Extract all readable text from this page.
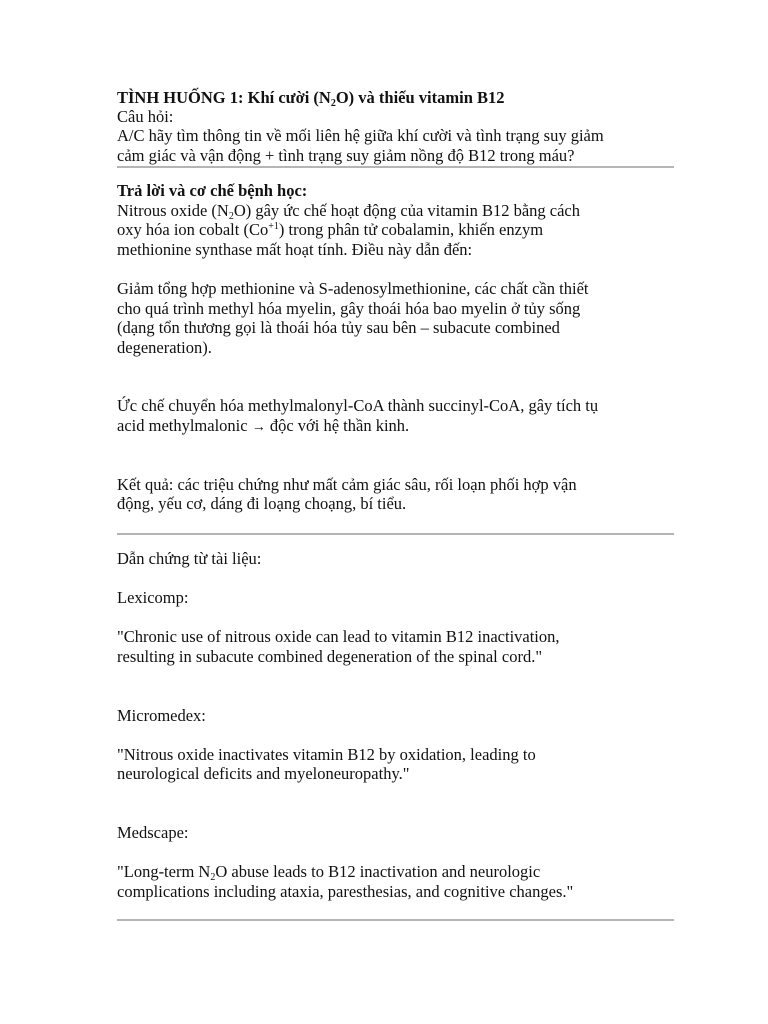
TÌNH HUỐNG 1: Khí cười $(N_2O)$ và thiếu vitamin B12
Câu hỏi:
A/C hãy tìm thông tin về mối liên hệ giữa khí cười và tình trạng suy giảm
cảm giác và vận động + tình trạng suy giảm nồng độ B12 trong máu?
Trả lời và cơ chế bệnh học:
Nitrous oxide $(N_2O)$ gây ức chế hoạt động của vitamin B12 bằng cách
oxy hóa ion cobalt $(Co^{+1})$ trong phân tử cobalamin, khiến enzym
methionine synthase mất hoạt tính. Điều này dẫn đến:
Giảm tổng hợp methionine và S-adenosylmethionine, các chất cần thiết
cho quá trình methyl hóa myelin, gây thoái hóa bao myelin ở tủy sống
(dạng tổn thương gọi là thoái hóa tủy sau bên – subacute combined
degeneration).
Ức chế chuyển hóa methylmalonyl-CoA thành succinyl-CoA, gây tích tụ
acid methylmalonic → độc với hệ thần kinh.
Kết quả: các triệu chứng như mất cảm giác sâu, rối loạn phối hợp vận
động, yếu cơ, dáng đi loạng choạng, bí tiểu.
Dẫn chứng từ tài liệu:
Lexicomp:
"Chronic use of nitrous oxide can lead to vitamin B12 inactivation,
resulting in subacute combined degeneration of the spinal cord."
Micromedex:
"Nitrous oxide inactivates vitamin B12 by oxidation, leading to
neurological deficits and myeloneuropathy."
Medscape:
"Long-term $N_2O$ abuse leads to B12 inactivation and neurologic
complications including ataxia, paresthesias, and cognitive changes."
